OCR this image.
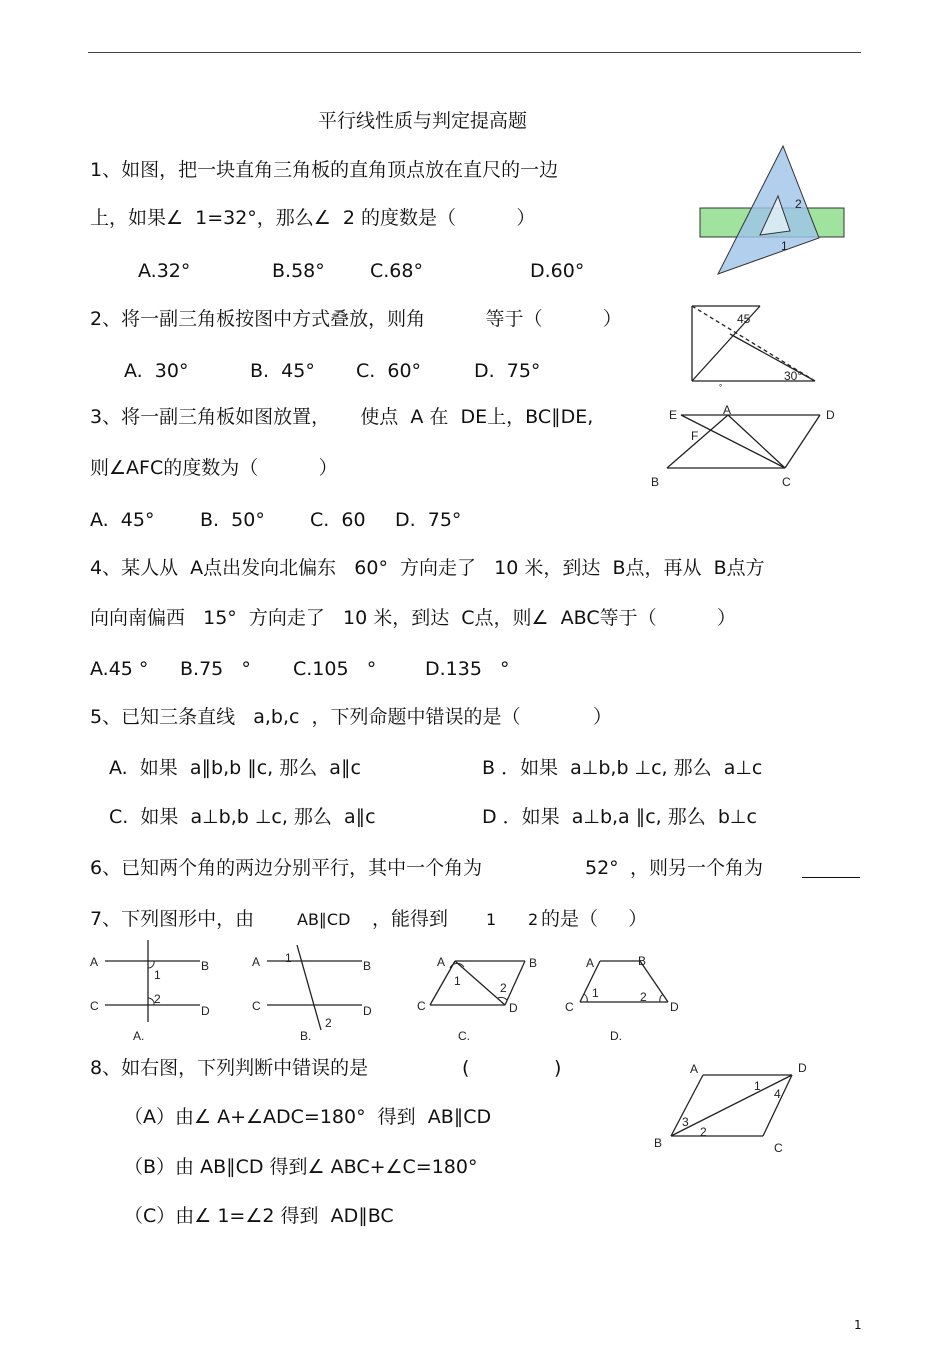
平行线性质与判定提高题
1、如图，把一块直角三角板的直角顶点放在直尺的一边
上，如果∠  1=32°，那么∠  2 的度数是（          ）
A.32°	B.58° C.68°	D.60°
2
1
2、将一副三角板按图中方式叠放，则角          等于（          ）
A.  30°	B.  45° C.  60°	D.  75°
45
30°
°
3、将一副三角板如图放置，     使点  A 在  DE上，BC∥DE,
则∠AFC的度数为（          ）
A.  45° B.  50° C.  60 D.  75°
E	A	D
F
B	C
4、某人从  A点出发向北偏东   60°  方向走了   10 米，到达  B点，再从  B点方
向向南偏西   15°  方向走了   10 米，到达  C点，则∠  ABC等于（          ）
A.45 ° B.75   ° C.105   °	D.135   °
5、已知三条直线   a,b,c  ，下列命题中错误的是（            ）
A.  如果  a∥b,b ∥c, 那么  a∥c	B ．如果  a⊥b,b ⊥c, 那么  a⊥c
C.  如果  a⊥b,b ⊥c, 那么  a∥c	D ．如果  a⊥b,a ∥c, 那么  b⊥c
6、已知两个角的两边分别平行，其中一个角为	52° ，则另一个角为
7、下列图形中，由	AB∥CD ，能得到 1 2 的是（     ）
A	B
C	D
1
2
A.
A	B
C	D
1
2
B.
A	B
C	D
1	2
C.
A	B
C	D
1	2
D.
8、如右图，下列判断中错误的是	(              )
（A）由∠ A+∠ADC=180°  得到  AB∥CD
（B）由 AB∥CD 得到∠ ABC+∠C=180°
（C）由∠ 1=∠2 得到  AD∥BC
A	D
B	C
1
4
3
2
1
